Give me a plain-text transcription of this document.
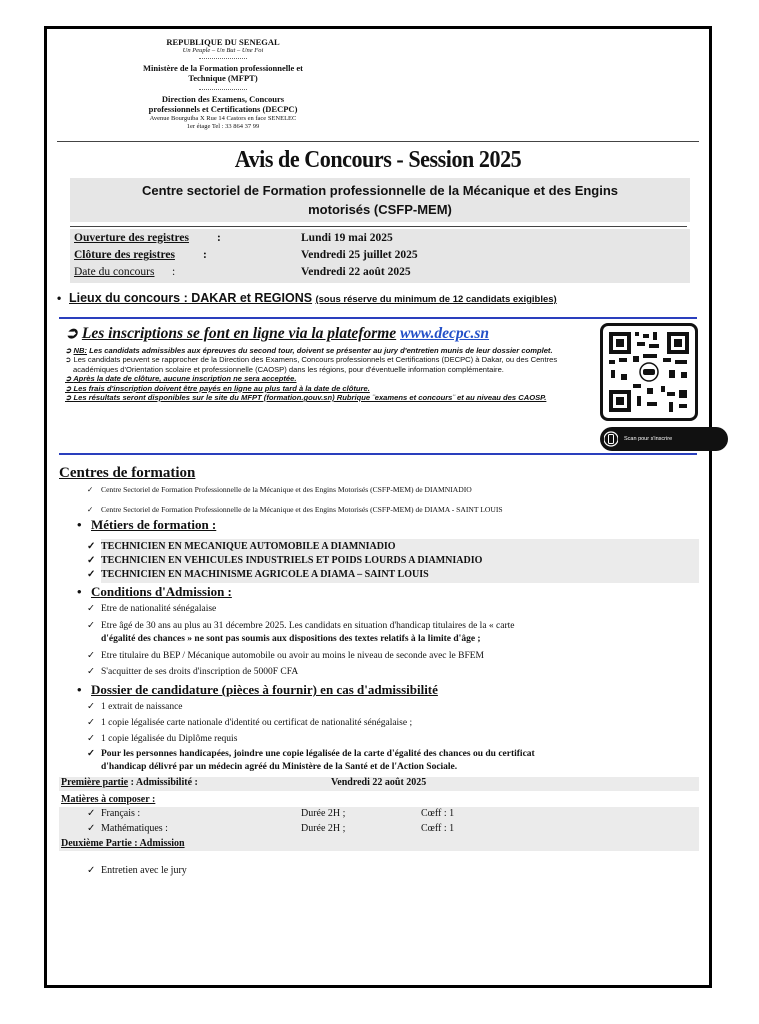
REPUBLIQUE DU SENEGAL
Un Peuple – Un But – Une Foi
Ministère de la Formation professionnelle et
Technique (MFPT)
Direction des Examens, Concours
professionnels et Certifications (DECPC)
Avenue Bourguiba X Rue 14 Castors en face SENELEC
1er étage Tel : 33 864 37 99
Avis de Concours - Session 2025
Centre sectoriel de Formation professionnelle de la Mécanique et des Engins
motorisés (CSFP-MEM)
Ouverture des registres :	Lundi 19 mai 2025
Clôture des registres :	Vendredi 25 juillet 2025
Date du concours :	Vendredi 22 août 2025
• Lieux du concours : DAKAR et REGIONS (sous réserve du minimum de 12 candidats exigibles)
➲ Les inscriptions se font en ligne via la plateforme www.decpc.sn

➲ NB: Les candidats admissibles aux épreuves du second tour, doivent se présenter au jury d'entretien munis de leur dossier complet.

➲ Les candidats peuvent se rapprocher de la Direction des Examens, Concours professionnels et Certifications (DECPC) à Dakar, ou des Centres académiques d'Orientation scolaire et professionnelle (CAOSP) dans les régions, pour d'éventuelle information complémentaire.

➲ Après la date de clôture, aucune inscription ne sera acceptée.

➲ Les frais d'inscription doivent être payés en ligne au plus tard à la date de clôture.

➲ Les résultats seront disponibles sur le site du MFPT (formation.gouv.sn) Rubrique ¨examens et concours¨ et au niveau des CAOSP.

Scan pour s'inscrire
Centres de formation
✓ Centre Sectoriel de Formation Professionnelle de la Mécanique et des Engins Motorisés (CSFP-MEM) de DIAMNIADIO
✓ Centre Sectoriel de Formation Professionnelle de la Mécanique et des Engins Motorisés (CSFP-MEM) de DIAMA - SAINT LOUIS
• Métiers de formation :
✓ TECHNICIEN EN MECANIQUE AUTOMOBILE A DIAMNIADIO
✓ TECHNICIEN EN VEHICULES INDUSTRIELS ET POIDS LOURDS A DIAMNIADIO
✓ TECHNICIEN EN MACHINISME AGRICOLE A DIAMA – SAINT LOUIS
• Conditions d'Admission :
✓ Etre de nationalité sénégalaise
✓ Etre âgé de 30 ans au plus au 31 décembre 2025. Les candidats en situation d'handicap titulaires de la « carte
d'égalité des chances » ne sont pas soumis aux dispositions des textes relatifs à la limite d'âge ;
✓ Etre titulaire du BEP / Mécanique automobile ou avoir au moins le niveau de seconde avec le BFEM
✓ S'acquitter de ses droits d'inscription de 5000F CFA
• Dossier de candidature (pièces à fournir) en cas d'admissibilité
✓ 1 extrait de naissance
✓ 1 copie légalisée carte nationale d'identité ou certificat de nationalité sénégalaise ;
✓ 1 copie légalisée du Diplôme requis
✓ Pour les personnes handicapées, joindre une copie légalisée de la carte d'égalité des chances ou du certificat
d'handicap délivré par un médecin agréé du Ministère de la Santé et de l'Action Sociale.
Première partie : Admissibilité :	Vendredi 22 août 2025
Matières à composer :
✓ Français :	Durée 2H ;	Cœff : 1
✓ Mathématiques :	Durée 2H ;	Cœff : 1
Deuxième Partie : Admission
✓ Entretien avec le jury
